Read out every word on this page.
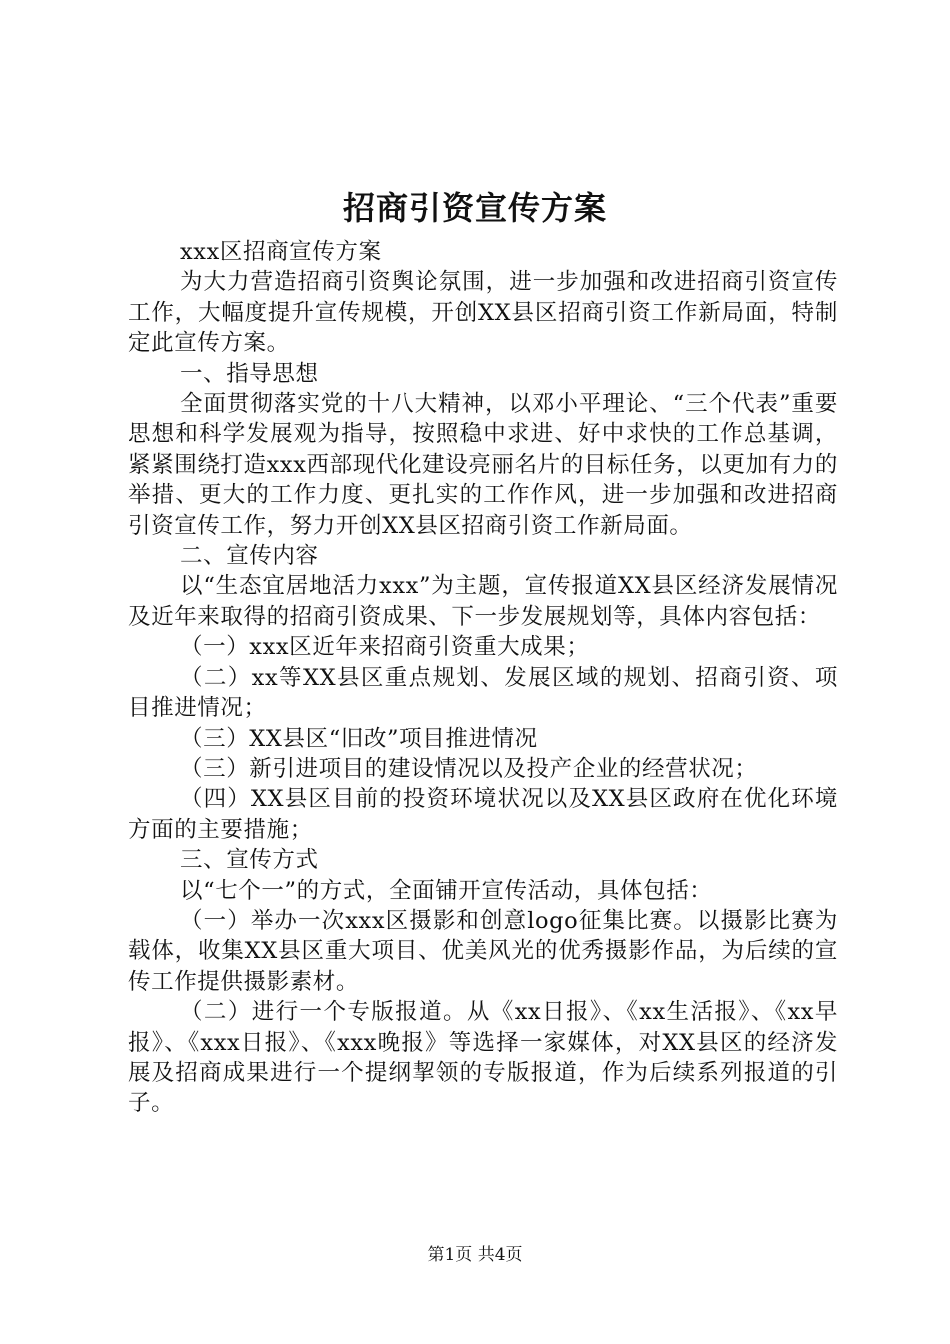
招商引资宣传方案

xxx区招商宣传方案

为大力营造招商引资舆论氛围，进一步加强和改进招商引资宣传工作，大幅度提升宣传规模，开创XX县区招商引资工作新局面，特制定此宣传方案。

一、指导思想

全面贯彻落实党的十八大精神，以邓小平理论、“三个代表”重要思想和科学发展观为指导，按照稳中求进、好中求快的工作总基调，紧紧围绕打造xxx西部现代化建设亮丽名片的目标任务，以更加有力的举措、更大的工作力度、更扎实的工作作风，进一步加强和改进招商引资宣传工作，努力开创XX县区招商引资工作新局面。

二、宣传内容

以“生态宜居地活力xxx”为主题，宣传报道XX县区经济发展情况及近年来取得的招商引资成果、下一步发展规划等，具体内容包括：

（一）xxx区近年来招商引资重大成果；

（二）xx等XX县区重点规划、发展区域的规划、招商引资、项目推进情况；

（三）XX县区“旧改”项目推进情况

（三）新引进项目的建设情况以及投产企业的经营状况；

（四）XX县区目前的投资环境状况以及XX县区政府在优化环境方面的主要措施；

三、宣传方式

以“七个一”的方式，全面铺开宣传活动，具体包括：

（一）举办一次xxx区摄影和创意logo征集比赛。以摄影比赛为载体，收集XX县区重大项目、优美风光的优秀摄影作品，为后续的宣传工作提供摄影素材。

（二）进行一个专版报道。从《xx日报》、《xx生活报》、《xx早报》、《xxx日报》、《xxx晚报》等选择一家媒体，对XX县区的经济发展及招商成果进行一个提纲挈领的专版报道，作为后续系列报道的引子。

第1页 共4页
